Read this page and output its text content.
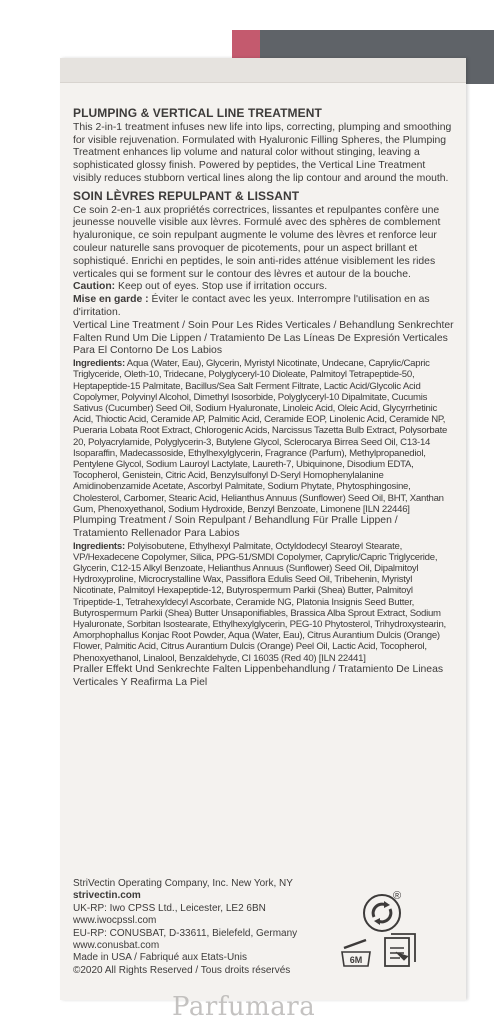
PLUMPING & VERTICAL LINE TREATMENT

This 2-in-1 treatment infuses new life into lips, correcting, plumping and smoothing for visible rejuvenation. Formulated with Hyaluronic Filling Spheres, the Plumping Treatment enhances lip volume and natural color without stinging, leaving a sophisticated glossy finish. Powered by peptides, the Vertical Line Treatment visibly reduces stubborn vertical lines along the lip contour and around the mouth.

SOIN LÈVRES REPULPANT & LISSANT

Ce soin 2-en-1 aux propriétés correctrices, lissantes et repulpantes confère une jeunesse nouvelle visible aux lèvres. Formulé avec des sphères de comblement hyaluronique, ce soin repulpant augmente le volume des lèvres et renforce leur couleur naturelle sans provoquer de picotements, pour un aspect brillant et sophistiqué. Enrichi en peptides, le soin anti-rides atténue visiblement les rides verticales qui se forment sur le contour des lèvres et autour de la bouche.

Caution: Keep out of eyes. Stop use if irritation occurs.

Mise en garde : Éviter le contact avec les yeux. Interrompre l'utilisation en as d'irritation.

Vertical Line Treatment / Soin Pour Les Rides Verticales / Behandlung Senkrechter Falten Rund Um Die Lippen / Tratamiento De Las Líneas De Expresión Verticales Para El Contorno De Los Labios

Ingredients: Aqua (Water, Eau), Glycerin, Myristyl Nicotinate, Undecane, Caprylic/Capric Triglyceride, Oleth-10, Tridecane, Polyglyceryl-10 Dioleate, Palmitoyl Tetrapeptide-50, Heptapeptide-15 Palmitate, Bacillus/Sea Salt Ferment Filtrate, Lactic Acid/Glycolic Acid Copolymer, Polyvinyl Alcohol, Dimethyl Isosorbide, Polyglyceryl-10 Dipalmitate, Cucumis Sativus (Cucumber) Seed Oil, Sodium Hyaluronate, Linoleic Acid, Oleic Acid, Glycyrrhetinic Acid, Thioctic Acid, Ceramide AP, Palmitic Acid, Ceramide EOP, Linolenic Acid, Ceramide NP, Pueraria Lobata Root Extract, Chlorogenic Acids, Narcissus Tazetta Bulb Extract, Polysorbate 20, Polyacrylamide, Polyglycerin-3, Butylene Glycol, Sclerocarya Birrea Seed Oil, C13-14 Isoparaffin, Madecassoside, Ethylhexylglycerin, Fragrance (Parfum), Methylpropanediol, Pentylene Glycol, Sodium Lauroyl Lactylate, Laureth-7, Ubiquinone, Disodium EDTA, Tocopherol, Genistein, Citric Acid, Benzylsulfonyl D-Seryl Homophenylalanine Amidinobenzamide Acetate, Ascorbyl Palmitate, Sodium Phytate, Phytosphingosine, Cholesterol, Carbomer, Stearic Acid, Helianthus Annuus (Sunflower) Seed Oil, BHT, Xanthan Gum, Phenoxyethanol, Sodium Hydroxide, Benzyl Benzoate, Limonene [ILN 22446]

Plumping Treatment / Soin Repulpant / Behandlung Für Pralle Lippen / Tratamiento Rellenador Para Labios

Ingredients: Polyisobutene, Ethylhexyl Palmitate, Octyldodecyl Stearoyl Stearate, VP/Hexadecene Copolymer, Silica, PPG-51/SMDI Copolymer, Caprylic/Capric Triglyceride, Glycerin, C12-15 Alkyl Benzoate, Helianthus Annuus (Sunflower) Seed Oil, Dipalmitoyl Hydroxyproline, Microcrystalline Wax, Passiflora Edulis Seed Oil, Tribehenin, Myristyl Nicotinate, Palmitoyl Hexapeptide-12, Butyrospermum Parkii (Shea) Butter, Palmitoyl Tripeptide-1, Tetrahexyldecyl Ascorbate, Ceramide NG, Platonia Insignis Seed Butter, Butyrospermum Parkii (Shea) Butter Unsaponifiables, Brassica Alba Sprout Extract, Sodium Hyaluronate, Sorbitan Isostearate, Ethylhexylglycerin, PEG-10 Phytosterol, Trihydroxystearin, Amorphophallus Konjac Root Powder, Aqua (Water, Eau), Citrus Aurantium Dulcis (Orange) Flower, Palmitic Acid, Citrus Aurantium Dulcis (Orange) Peel Oil, Lactic Acid, Tocopherol, Phenoxyethanol, Linalool, Benzaldehyde, CI 16035 (Red 40) [ILN 22441]

Praller Effekt Und Senkrechte Falten Lippenbehandlung / Tratamiento De Lineas Verticales Y Reafirma La Piel

StriVectin Operating Company, Inc. New York, NY
strivectin.com
UK-RP: Iwo CPSS Ltd., Leicester, LE2 6BN
www.iwocpssl.com
EU-RP: CONUSBAT, D-33611, Bielefeld, Germany
www.conusbat.com
Made in USA / Fabriqué aux Etats-Unis
©2020 All Rights Reserved / Tous droits réservés
®
6M
Parfumara
